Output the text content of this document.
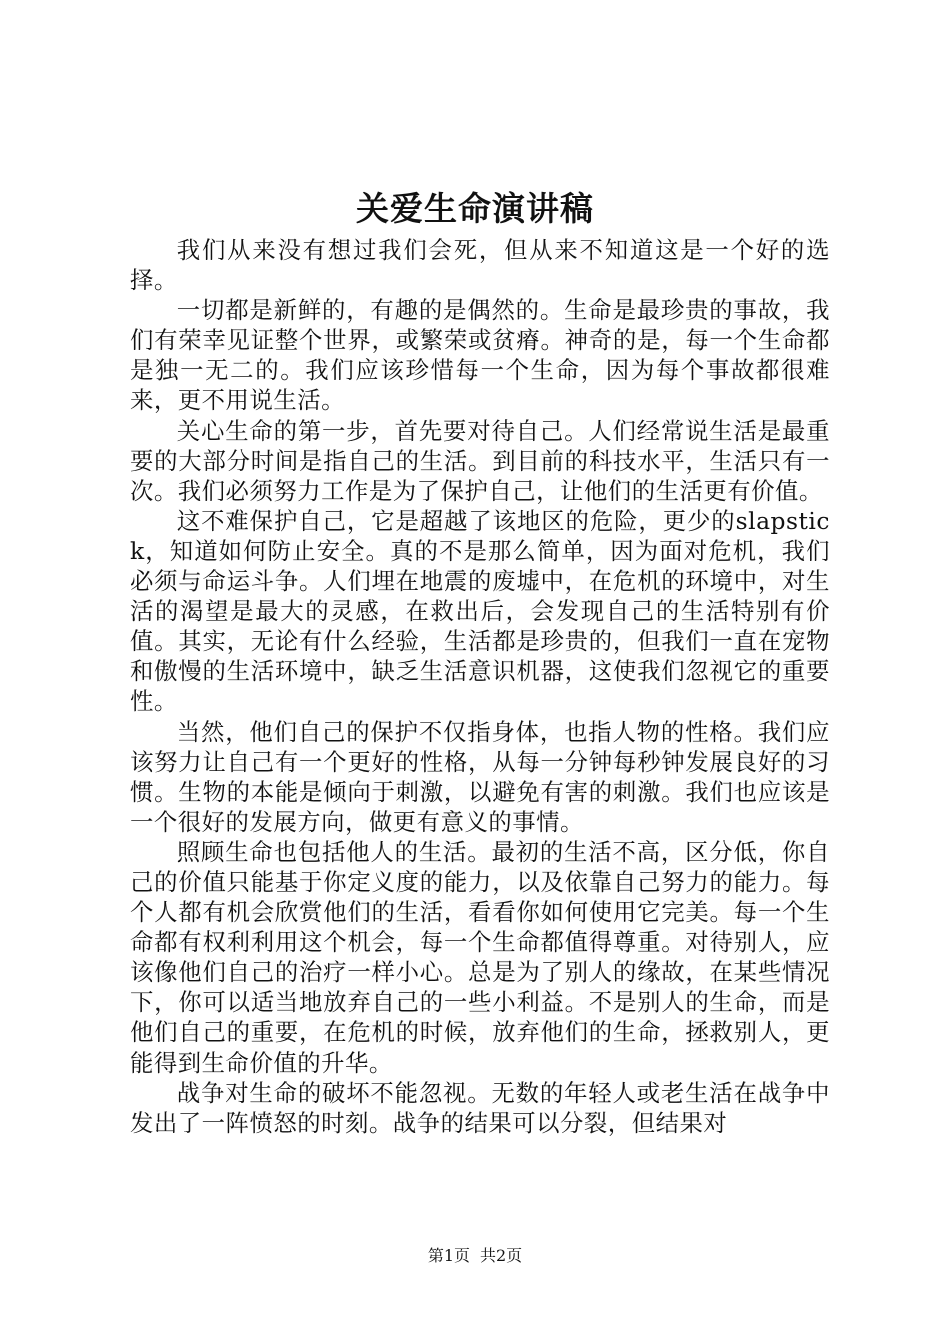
关爱生命演讲稿

我们从来没有想过我们会死，但从来不知道这是一个好的选择。

一切都是新鲜的，有趣的是偶然的。生命是最珍贵的事故，我们有荣幸见证整个世界，或繁荣或贫瘠。神奇的是，每一个生命都是独一无二的。我们应该珍惜每一个生命，因为每个事故都很难来，更不用说生活。

关心生命的第一步，首先要对待自己。人们经常说生活是最重要的大部分时间是指自己的生活。到目前的科技水平，生活只有一次。我们必须努力工作是为了保护自己，让他们的生活更有价值。

这不难保护自己，它是超越了该地区的危险，更少的slapstick，知道如何防止安全。真的不是那么简单，因为面对危机，我们必须与命运斗争。人们埋在地震的废墟中，在危机的环境中，对生活的渴望是最大的灵感，在救出后，会发现自己的生活特别有价值。其实，无论有什么经验，生活都是珍贵的，但我们一直在宠物和傲慢的生活环境中，缺乏生活意识机器，这使我们忽视它的重要性。

当然，他们自己的保护不仅指身体，也指人物的性格。我们应该努力让自己有一个更好的性格，从每一分钟每秒钟发展良好的习惯。生物的本能是倾向于刺激，以避免有害的刺激。我们也应该是一个很好的发展方向，做更有意义的事情。

照顾生命也包括他人的生活。最初的生活不高，区分低，你自己的价值只能基于你定义度的能力，以及依靠自己努力的能力。每个人都有机会欣赏他们的生活，看看你如何使用它完美。每一个生命都有权利利用这个机会，每一个生命都值得尊重。对待别人，应该像他们自己的治疗一样小心。总是为了别人的缘故，在某些情况下，你可以适当地放弃自己的一些小利益。不是别人的生命，而是他们自己的重要，在危机的时候，放弃他们的生命，拯救别人，更能得到生命价值的升华。

战争对生命的破坏不能忽视。无数的年轻人或老生活在战争中发出了一阵愤怒的时刻。战争的结果可以分裂，但结果对

第1页 共2页
